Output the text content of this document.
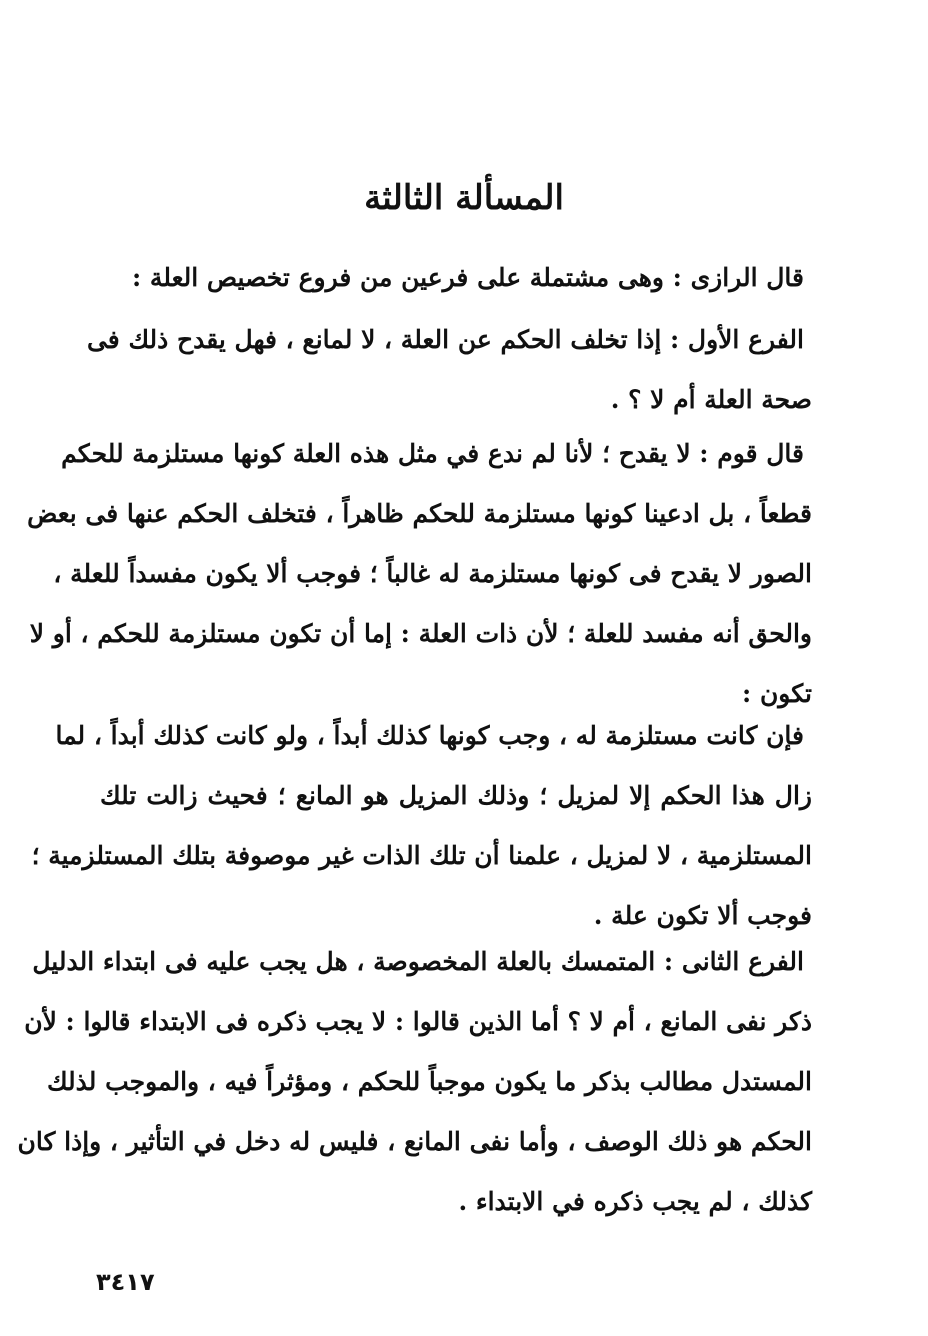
المسألة الثالثة
قال الرازى : وهى مشتملة على فرعين من فروع تخصيص العلة :
الفرع الأول : إذا تخلف الحكم عن العلة ، لا لمانع ، فهل يقدح ذلك فى
صحة العلة أم لا ؟ .
قال قوم : لا يقدح ؛ لأنا لم ندع في مثل هذه العلة كونها مستلزمة للحكم
قطعاً ، بل ادعينا كونها مستلزمة للحكم ظاهراً ، فتخلف الحكم عنها فى بعض
الصور لا يقدح فى كونها مستلزمة له غالباً ؛ فوجب ألا يكون مفسداً للعلة ،
والحق أنه مفسد للعلة ؛ لأن ذات العلة : إما أن تكون مستلزمة للحكم ، أو لا
تكون :
فإن كانت مستلزمة له ، وجب كونها كذلك أبداً ، ولو كانت كذلك أبداً ، لما
زال هذا الحكم إلا لمزيل ؛ وذلك المزيل هو المانع ؛ فحيث زالت تلك
المستلزمية ، لا لمزيل ، علمنا أن تلك الذات غير موصوفة بتلك المستلزمية ؛
فوجب ألا تكون علة .
الفرع الثانى : المتمسك بالعلة المخصوصة ، هل يجب عليه فى ابتداء الدليل
ذكر نفى المانع ، أم لا ؟ أما الذين قالوا : لا يجب ذكره فى الابتداء قالوا : لأن
المستدل مطالب بذكر ما يكون موجباً للحكم ، ومؤثراً فيه ، والموجب لذلك
الحكم هو ذلك الوصف ، وأما نفى المانع ، فليس له دخل في التأثير ، وإذا كان
كذلك ، لم يجب ذكره في الابتداء .
٣٤١٧
